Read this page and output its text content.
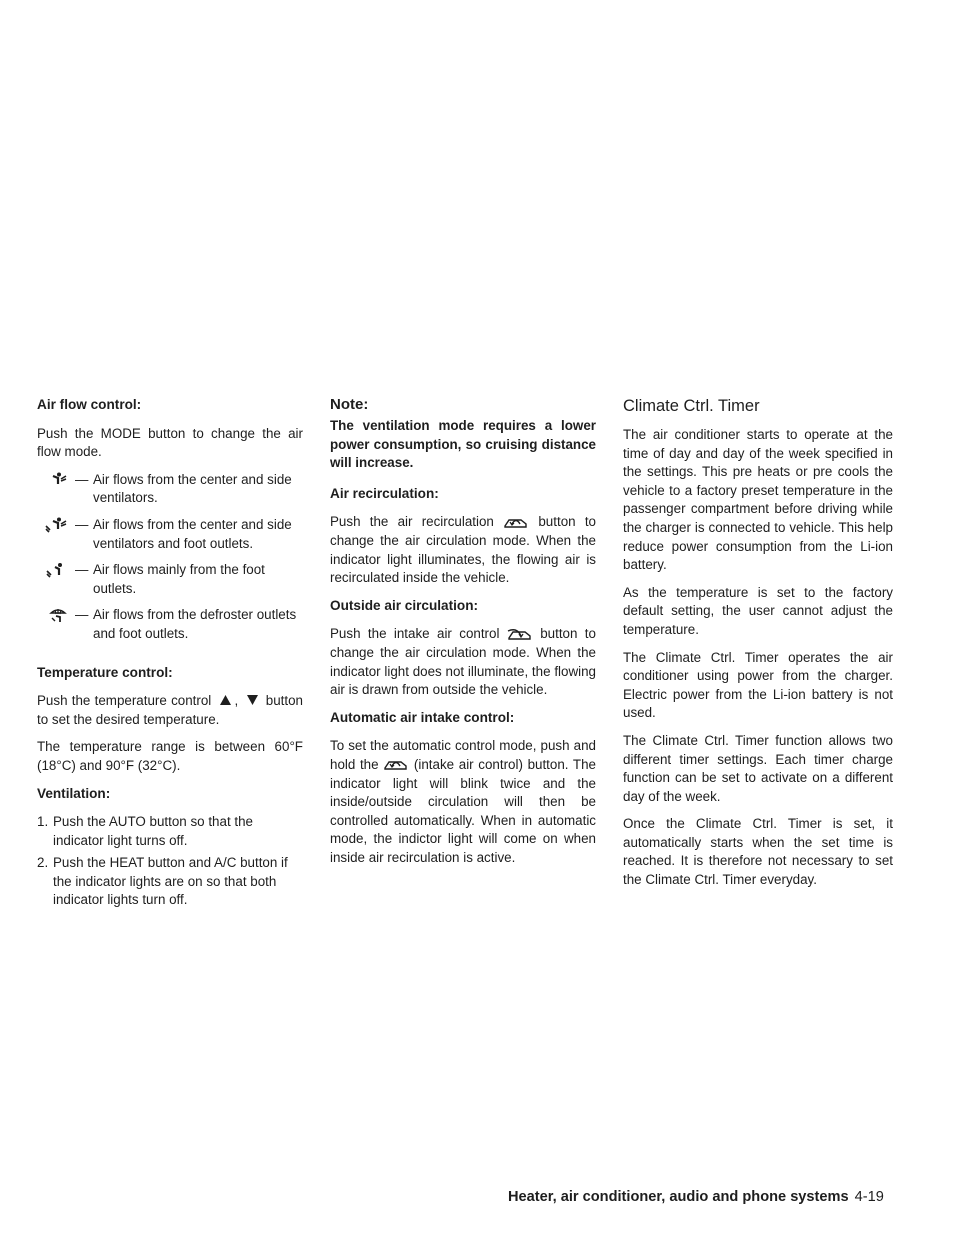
Air flow control:

Push the MODE button to change the air flow mode.

— Air flows from the center and side ventilators.
— Air flows from the center and side ventilators and foot outlets.
— Air flows mainly from the foot outlets.
— Air flows from the defroster outlets and foot outlets.
Temperature control:

Push the temperature control , button to set the desired temperature.

The temperature range is between 60°F (18°C) and 90°F (32°C).

Ventilation:
1. Push the AUTO button so that the indicator light turns off.
2. Push the HEAT button and A/C button if the indicator lights are on so that both indicator lights turn off.
Note:
The ventilation mode requires a lower power consumption, so cruising distance will increase.
Air recirculation:

Push the air recirculation	button to change the air circulation mode. When the indicator light illuminates, the flowing air is recirculated inside the vehicle.

Outside air circulation:

Push the intake air control	button to change the air circulation mode. When the indicator light does not illuminate, the flowing air is drawn from outside the vehicle.

Automatic air intake control:

To set the automatic control mode, push and hold the	(intake air control) button. The indicator light will blink twice and the inside/outside circulation will then be controlled automatically. When in automatic mode, the indictor light will come on when inside air recirculation is active.

Climate Ctrl. Timer

The air conditioner starts to operate at the time of day and day of the week specified in the settings. This pre heats or pre cools the vehicle to a factory preset temperature in the passenger compartment before driving while the charger is connected to vehicle. This help reduce power consumption from the Li-ion battery.

As the temperature is set to the factory default setting, the user cannot adjust the temperature.

The Climate Ctrl. Timer operates the air conditioner using power from the charger. Electric power from the Li-ion battery is not used.

The Climate Ctrl. Timer function allows two different timer settings. Each timer charge function can be set to activate on a different day of the week.

Once the Climate Ctrl. Timer is set, it automatically starts when the set time is reached. It is therefore not necessary to set the Climate Ctrl. Timer everyday.

Heater, air conditioner, audio and phone systems 4-19
